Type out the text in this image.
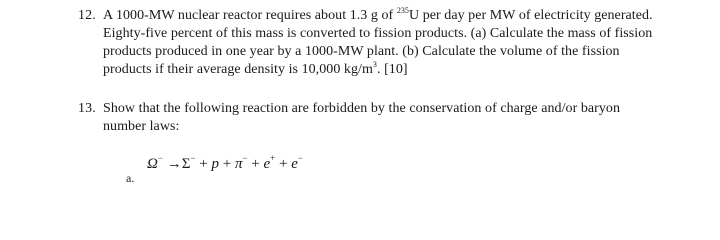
12. A 1000-MW nuclear reactor requires about 1.3 g of $^{235}$U per day per MW of electricity generated.
Eighty-five percent of this mass is converted to fission products. (a) Calculate the mass of fission
products produced in one year by a 1000-MW plant. (b) Calculate the volume of the fission
products if their average density is 10,000 $kg/m^3$. [10]
13. Show that the following reaction are forbidden by the conservation of charge and/or baryon
number laws:
a.
Ω− →Σ− + p + π− + e+ + e−
